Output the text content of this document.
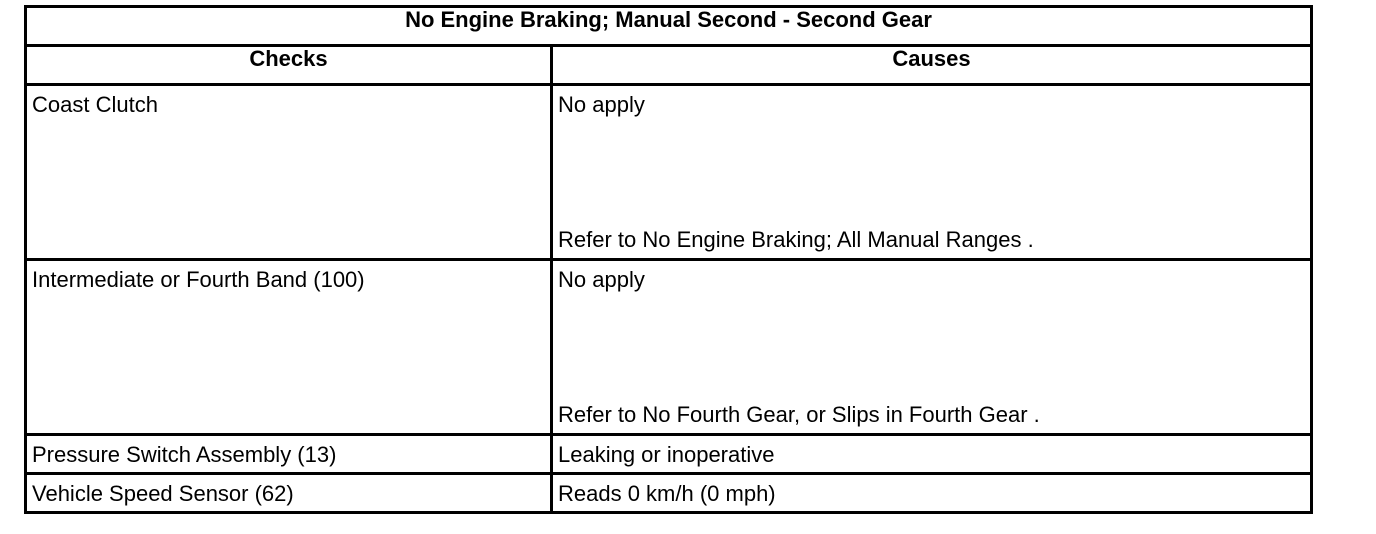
No Engine Braking; Manual Second - Second Gear	
Checks	Causes

Coast Clutch	No apply
Refer to No Engine Braking; All Manual Ranges .

Intermediate or Fourth Band (100)	No apply
Refer to No Fourth Gear, or Slips in Fourth Gear .

Pressure Switch Assembly (13)	Leaking or inoperative

Vehicle Speed Sensor (62)	Reads 0 km/h (0 mph)
